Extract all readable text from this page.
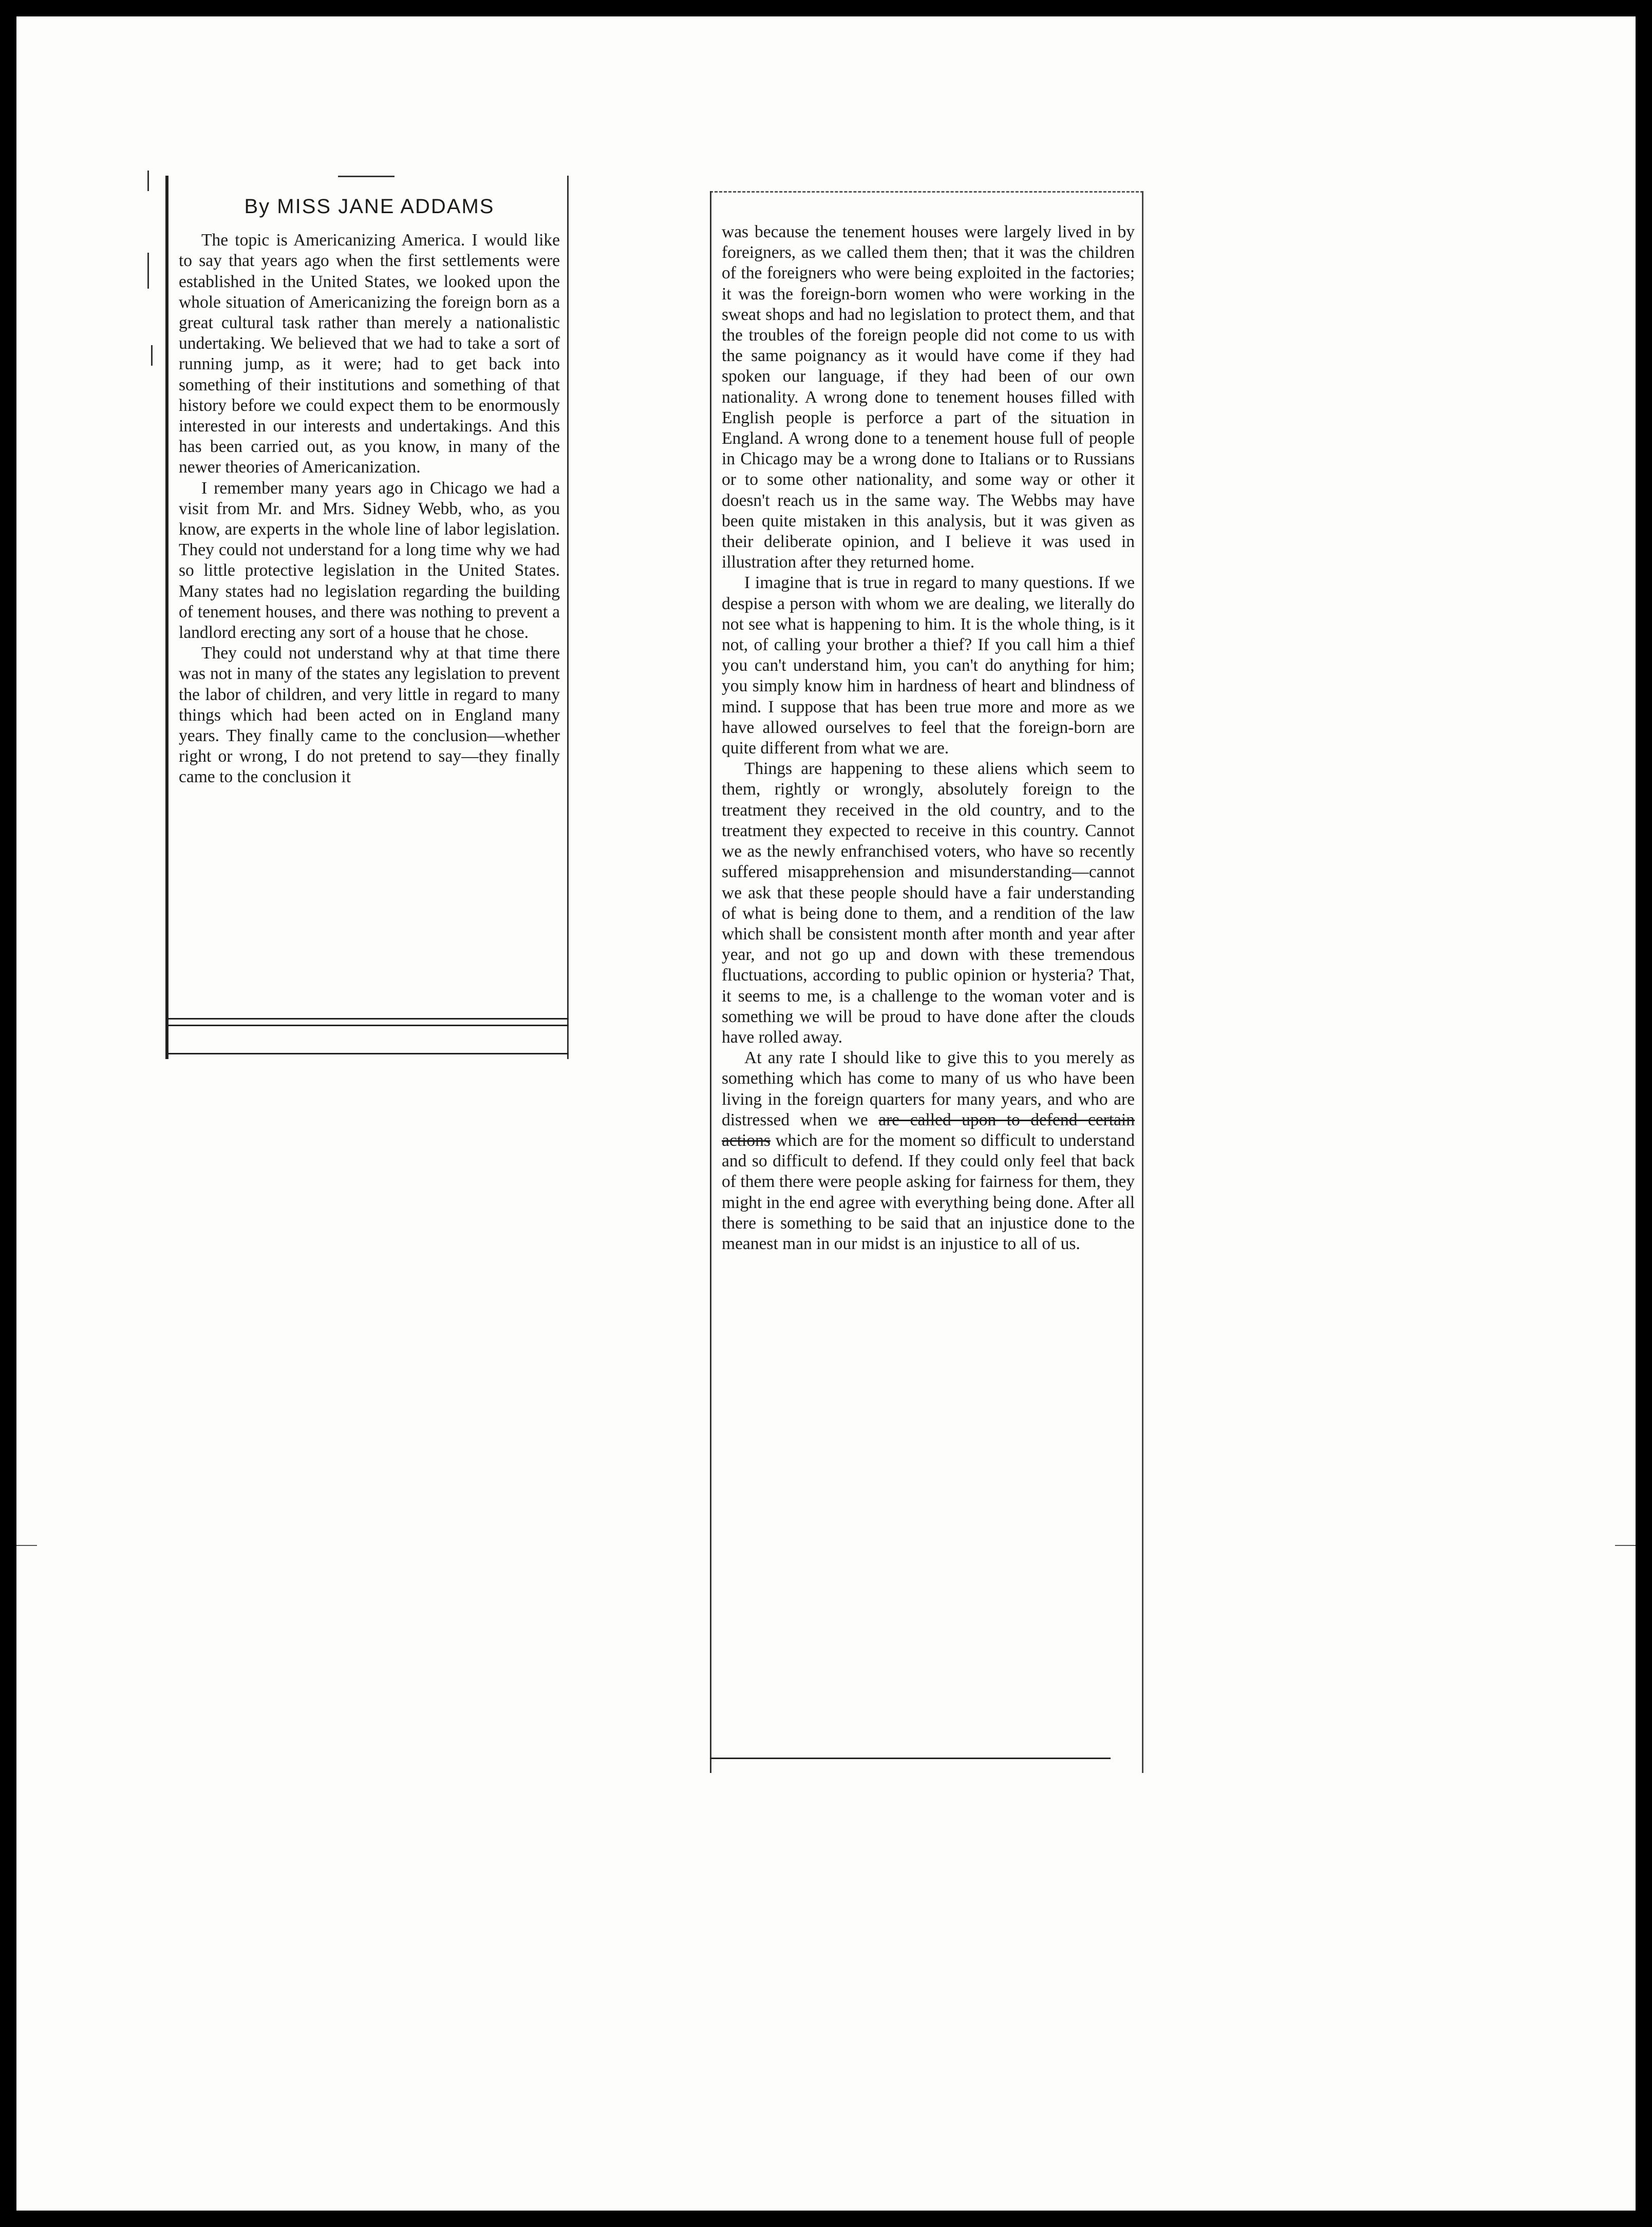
By MISS JANE ADDAMS

The topic is Americanizing America. I would like to say that years ago when the first settlements were established in the United States, we looked upon the whole situation of Americanizing the foreign born as a great cultural task rather than merely a nationalistic undertaking. We believed that we had to take a sort of running jump, as it were; had to get back into something of their institutions and something of that history before we could expect them to be enormously interested in our interests and undertakings. And this has been carried out, as you know, in many of the newer theories of Americanization.

I remember many years ago in Chicago we had a visit from Mr. and Mrs. Sidney Webb, who, as you know, are experts in the whole line of labor legislation. They could not understand for a long time why we had so little protective legislation in the United States. Many states had no legislation regarding the building of tenement houses, and there was nothing to prevent a landlord erecting any sort of a house that he chose.

They could not understand why at that time there was not in many of the states any legislation to prevent the labor of children, and very little in regard to many things which had been acted on in England many years. They finally came to the conclusion—whether right or wrong, I do not pretend to say—they finally came to the conclusion it

was because the tenement houses were largely lived in by foreigners, as we called them then; that it was the children of the foreigners who were being exploited in the factories; it was the foreign-born women who were working in the sweat shops and had no legislation to protect them, and that the troubles of the foreign people did not come to us with the same poignancy as it would have come if they had spoken our language, if they had been of our own nationality. A wrong done to tenement houses filled with English people is perforce a part of the situation in England. A wrong done to a tenement house full of people in Chicago may be a wrong done to Italians or to Russians or to some other nationality, and some way or other it doesn't reach us in the same way. The Webbs may have been quite mistaken in this analysis, but it was given as their deliberate opinion, and I believe it was used in illustration after they returned home.

I imagine that is true in regard to many questions. If we despise a person with whom we are dealing, we literally do not see what is happening to him. It is the whole thing, is it not, of calling your brother a thief? If you call him a thief you can't understand him, you can't do anything for him; you simply know him in hardness of heart and blindness of mind. I suppose that has been true more and more as we have allowed ourselves to feel that the foreign-born are quite different from what we are.

Things are happening to these aliens which seem to them, rightly or wrongly, absolutely foreign to the treatment they received in the old country, and to the treatment they expected to receive in this country. Cannot we as the newly enfranchised voters, who have so recently suffered misapprehension and misunderstanding—cannot we ask that these people should have a fair understanding of what is being done to them, and a rendition of the law which shall be consistent month after month and year after year, and not go up and down with these tremendous fluctuations, according to public opinion or hysteria? That, it seems to me, is a challenge to the woman voter and is something we will be proud to have done after the clouds have rolled away.

At any rate I should like to give this to you merely as something which has come to many of us who have been living in the foreign quarters for many years, and who are distressed when we are called upon to defend certain actions which are for the moment so difficult to understand and so difficult to defend. If they could only feel that back of them there were people asking for fairness for them, they might in the end agree with everything being done. After all there is something to be said that an injustice done to the meanest man in our midst is an injustice to all of us.
